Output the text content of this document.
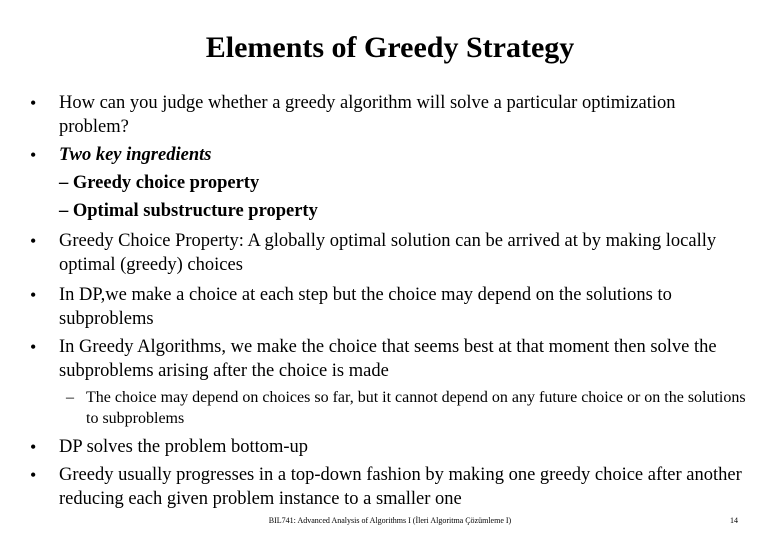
Elements of Greedy Strategy
• How can you judge whether a greedy algorithm will solve a particular optimization problem?
• Two key ingredients
– Greedy choice property
– Optimal substructure property
• Greedy Choice Property: A globally optimal solution can be arrived at by making locally optimal (greedy) choices
• In DP,we make a choice at each step but the choice may depend on the solutions to subproblems
• In Greedy Algorithms, we make the choice that seems best at that moment then solve the subproblems arising after the choice is made
– The choice may depend on choices so far, but it cannot depend on any future choice or on the solutions to subproblems
• DP solves the problem bottom-up
• Greedy usually progresses in a top-down fashion by making one greedy choice after another reducing each given problem instance to a smaller one
BIL741: Advanced Analysis of Algorithms I (İleri Algoritma Çözümleme I)	14
